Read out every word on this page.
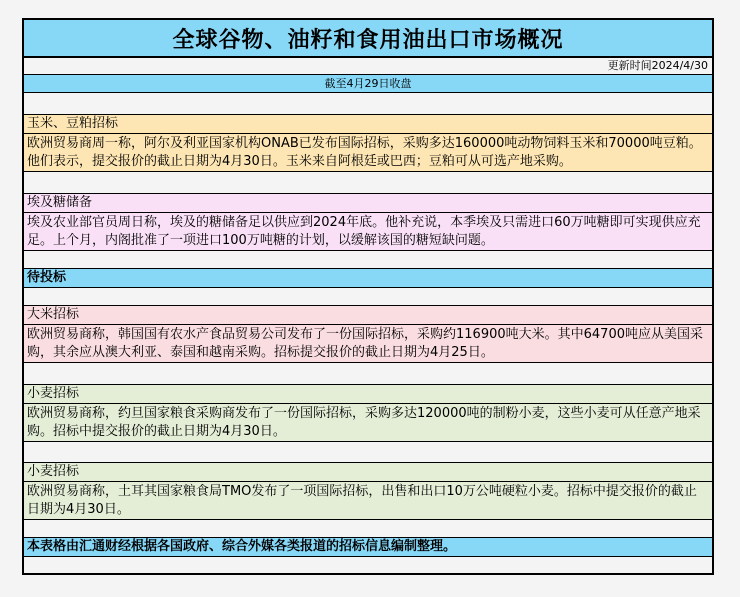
全球谷物、油籽和食用油出口市场概况
更新时间2024/4/30
截至4月29日收盘
玉米、豆粕招标
欧洲贸易商周一称，阿尔及利亚国家机构ONAB已发布国际招标，采购多达160000吨动物饲料玉米和70000吨豆粕。他们表示，提交报价的截止日期为4月30日。玉米来自阿根廷或巴西；豆粕可从可选产地采购。
埃及糖储备
埃及农业部官员周日称，埃及的糖储备足以供应到2024年底。他补充说，本季埃及只需进口60万吨糖即可实现供应充足。上个月，内阁批准了一项进口100万吨糖的计划，以缓解该国的糖短缺问题。
待投标
大米招标
欧洲贸易商称，韩国国有农水产食品贸易公司发布了一份国际招标，采购约116900吨大米。其中64700吨应从美国采购，其余应从澳大利亚、泰国和越南采购。招标提交报价的截止日期为4月25日。
小麦招标
欧洲贸易商称，约旦国家粮食采购商发布了一份国际招标，采购多达120000吨的制粉小麦，这些小麦可从任意产地采购。招标中提交报价的截止日期为4月30日。
小麦招标
欧洲贸易商称，土耳其国家粮食局TMO发布了一项国际招标，出售和出口10万公吨硬粒小麦。招标中提交报价的截止日期为4月30日。
本表格由汇通财经根据各国政府、综合外媒各类报道的招标信息编制整理。
